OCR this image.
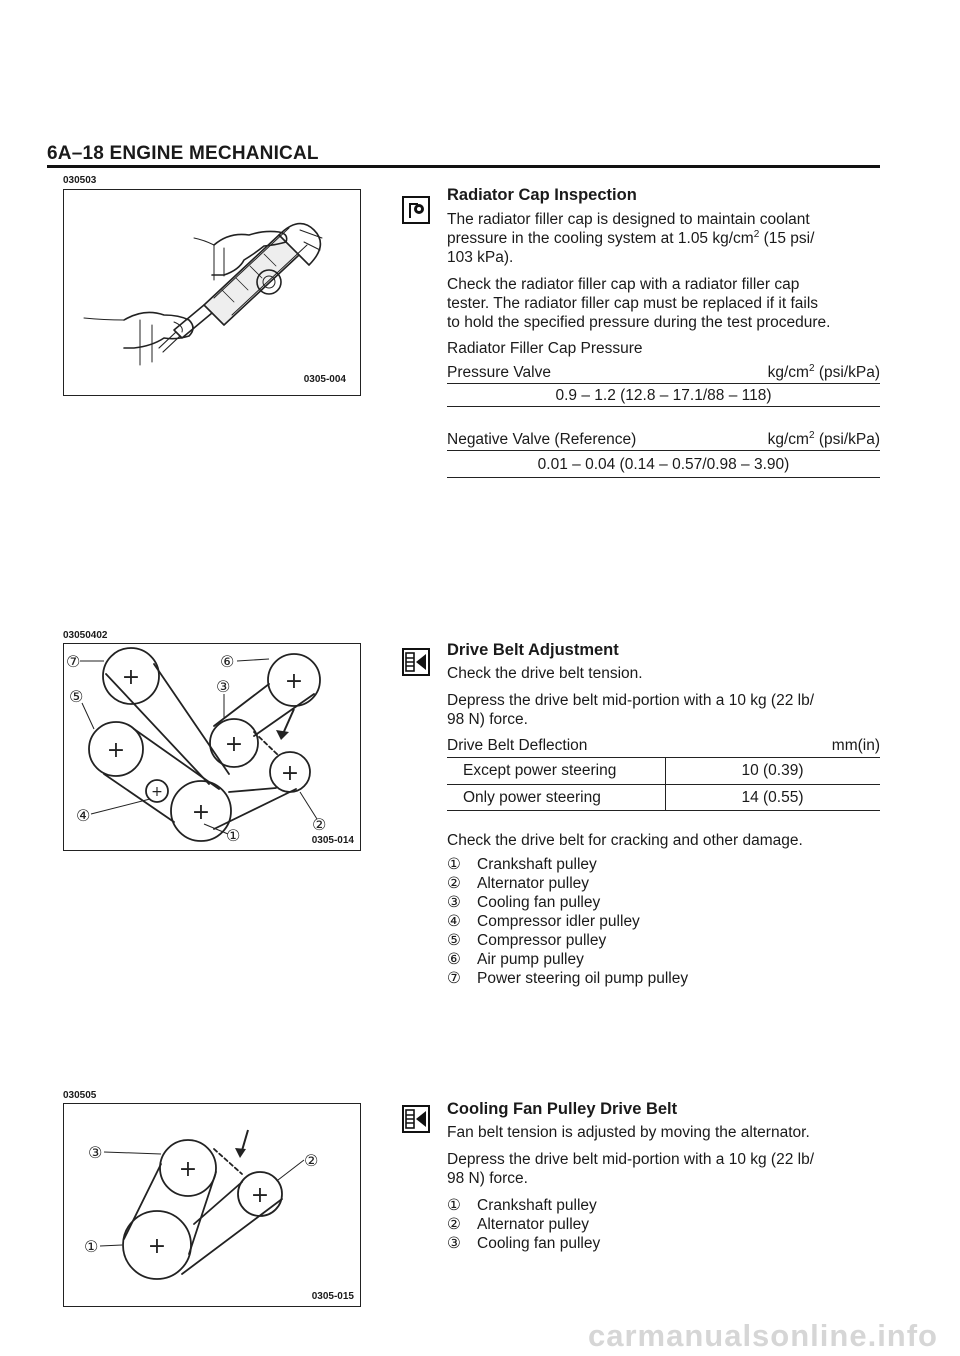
6A–18 ENGINE MECHANICAL
030503
0305-004
03050402
+	+
+	+
+
+
+
⑦	⑥
⑤
③
④
①
②
0305-014
030505
+
+
+
③	②
①
0305-015
Radiator Cap Inspection
The radiator filler cap is designed to maintain coolant
pressure in the cooling system at 1.05 $kg/cm^2$ (15 psi/
103 kPa).
Check the radiator filler cap with a radiator filler cap
tester. The radiator filler cap must be replaced if it fails
to hold the specified pressure during the test procedure.
Radiator Filler Cap Pressure
Pressure Valve	$kg/cm^2$ (psi/kPa)
0.9 – 1.2 (12.8 – 17.1/88 – 118)
Negative Valve (Reference)	$kg/cm^2$ (psi/kPa)
0.01 – 0.04 (0.14 – 0.57/0.98 – 3.90)
Drive Belt Adjustment
Check the drive belt tension.
Depress the drive belt mid-portion with a 10 kg (22 lb/
98 N) force.
Drive Belt Deflection	mm(in)
Except power steering	10 (0.39)
Only power steering	14 (0.55)
Check the drive belt for cracking and other damage.
① Crankshaft pulley
② Alternator pulley
③ Cooling fan pulley
④ Compressor idler pulley
⑤ Compressor pulley
⑥ Air pump pulley
⑦ Power steering oil pump pulley
Cooling Fan Pulley Drive Belt
Fan belt tension is adjusted by moving the alternator.
Depress the drive belt mid-portion with a 10 kg (22 lb/
98 N) force.
① Crankshaft pulley
② Alternator pulley
③ Cooling fan pulley
carmanualsonline.info
